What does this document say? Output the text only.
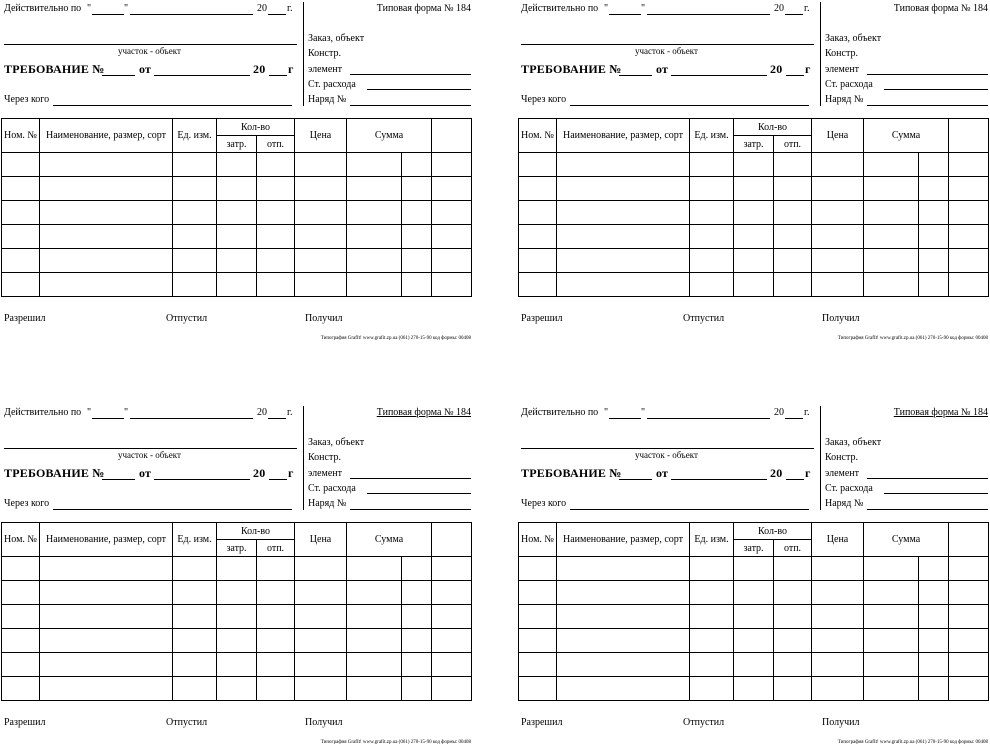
Действительно по "	"	20 г.	Типовая форма № 184
участок - объект
ТРЕБОВАНИЕ №	от	20 г
Через кого
Заказ, объект
Констр.
элемент
Ст. расхода
Наряд №
Ном. №	Наименование, размер, сорт	Ед. изм.	Кол-во		Цена	Сумма		
			затр.	отп.				

Разрешил	Отпустил	Получил
Типография GrafIt! www.grafit.zp.ua (061) 270-15-90 код формы: 00408
Действительно по "	"	20 г.	Типовая форма № 184
участок - объект
ТРЕБОВАНИЕ №	от	20 г
Через кого
Заказ, объект
Констр.
элемент
Ст. расхода
Наряд №
Ном. №	Наименование, размер, сорт	Ед. изм.	Кол-во		Цена	Сумма		
			затр.	отп.				

Разрешил	Отпустил	Получил
Типография GrafIt! www.grafit.zp.ua (061) 270-15-90 код формы: 00408
Действительно по "	"	20 г.	Типовая форма № 184
участок - объект
ТРЕБОВАНИЕ №	от	20 г
Через кого
Заказ, объект
Констр.
элемент
Ст. расхода
Наряд №
Ном. №	Наименование, размер, сорт	Ед. изм.	Кол-во		Цена	Сумма		
			затр.	отп.				

Разрешил	Отпустил	Получил
Типография GrafIt! www.grafit.zp.ua (061) 270-15-90 код формы: 00408
Действительно по "	"	20 г.	Типовая форма № 184
участок - объект
ТРЕБОВАНИЕ №	от	20 г
Через кого
Заказ, объект
Констр.
элемент
Ст. расхода
Наряд №
Ном. №	Наименование, размер, сорт	Ед. изм.	Кол-во		Цена	Сумма		
			затр.	отп.				

Разрешил	Отпустил	Получил
Типография GrafIt! www.grafit.zp.ua (061) 270-15-90 код формы: 00408
